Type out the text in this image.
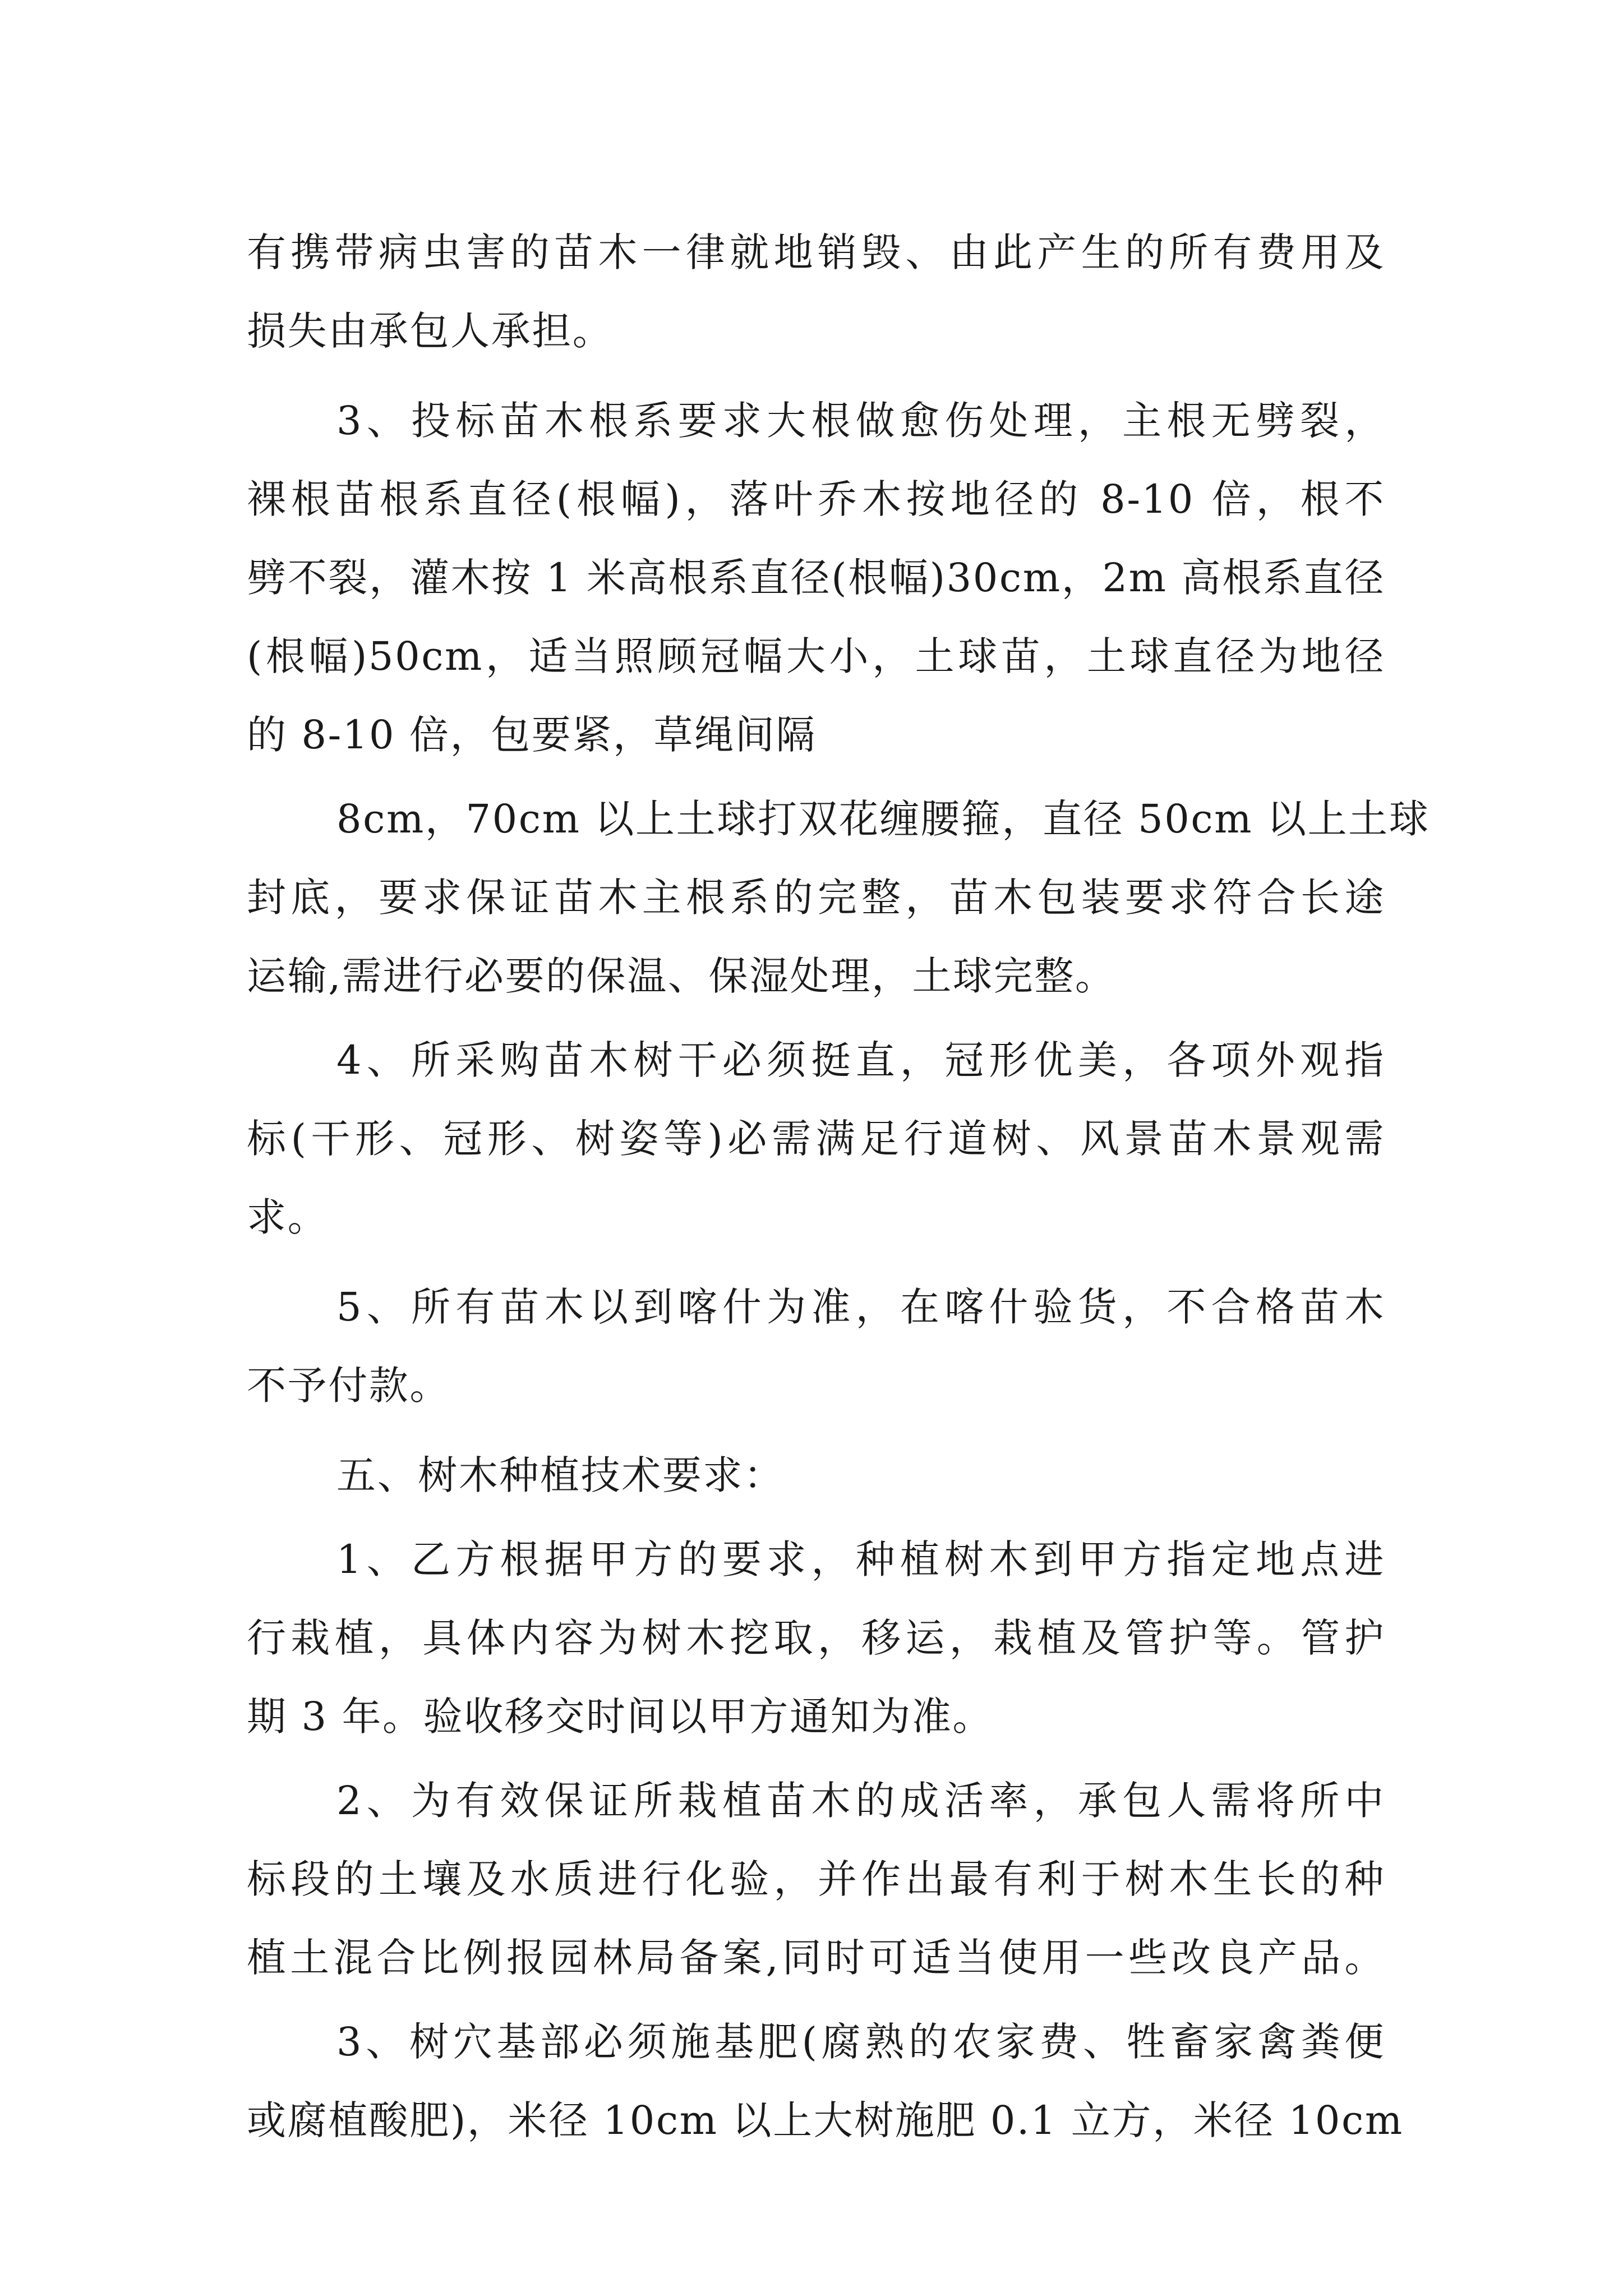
有携带病虫害的苗木一律就地销毁、由此产生的所有费用及
损失由承包人承担。
3、投标苗木根系要求大根做愈伤处理，主根无劈裂，
裸根苗根系直径(根幅)，落叶乔木按地径的 8-10 倍，根不
劈不裂，灌木按 1 米高根系直径(根幅)30cm，2m 高根系直径
(根幅)50cm，适当照顾冠幅大小，土球苗，土球直径为地径
的 8-10 倍，包要紧，草绳间隔
8cm，70cm 以上土球打双花缠腰箍，直径 50cm 以上土球
封底，要求保证苗木主根系的完整，苗木包装要求符合长途
运输,需进行必要的保温、保湿处理，土球完整。
4、所采购苗木树干必须挺直，冠形优美，各项外观指
标(干形、冠形、树姿等)必需满足行道树、风景苗木景观需
求。
5、所有苗木以到喀什为准，在喀什验货，不合格苗木
不予付款。
五、树木种植技术要求：
1、乙方根据甲方的要求，种植树木到甲方指定地点进
行栽植，具体内容为树木挖取，移运，栽植及管护等。管护
期 3 年。验收移交时间以甲方通知为准。
2、为有效保证所栽植苗木的成活率，承包人需将所中
标段的土壤及水质进行化验，并作出最有利于树木生长的种
植土混合比例报园林局备案,同时可适当使用一些改良产品。
3、树穴基部必须施基肥(腐熟的农家费、牲畜家禽粪便
或腐植酸肥)，米径 10cm 以上大树施肥 0.1 立方，米径 10cm
